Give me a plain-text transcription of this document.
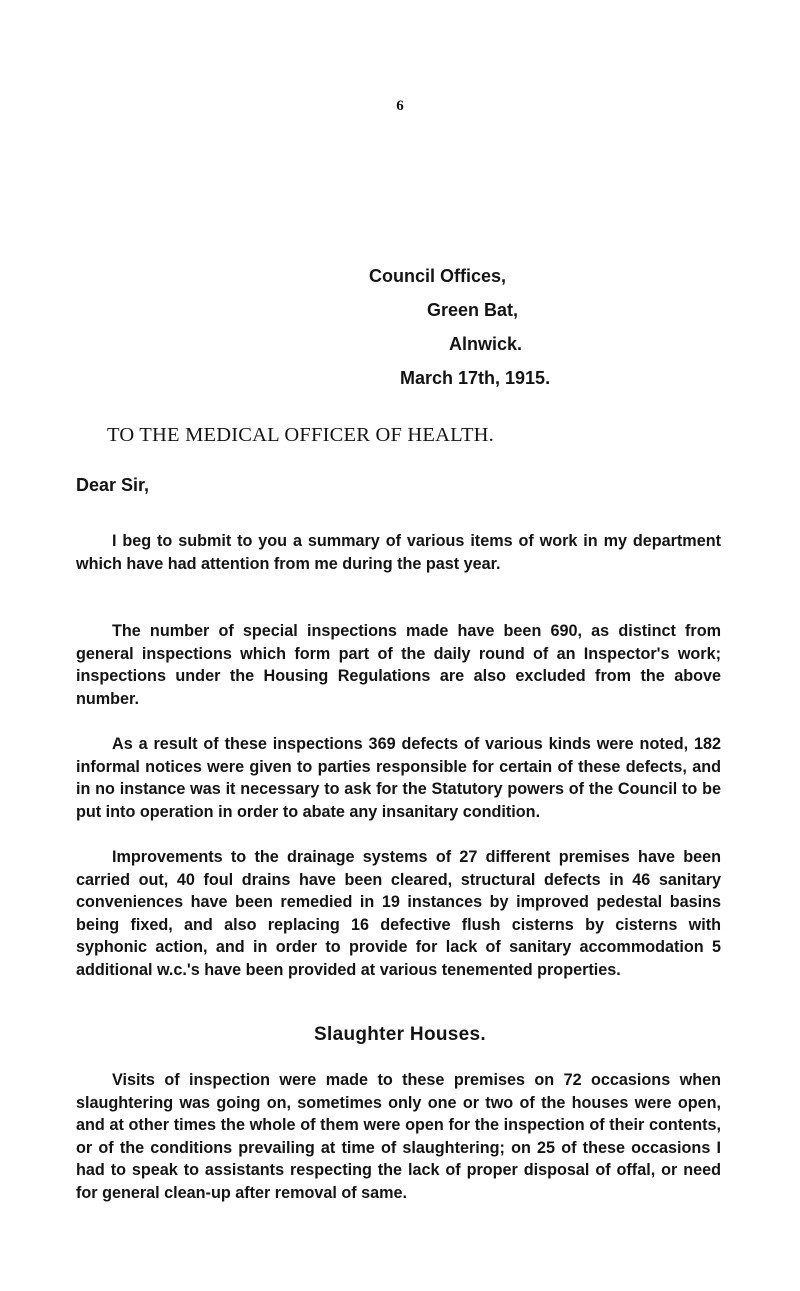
6
Council Offices,
Green Bat,
Alnwick.
March 17th, 1915.
TO THE MEDICAL OFFICER OF HEALTH.
Dear Sir,

I beg to submit to you a summary of various items of work in my department which have had attention from me during the past year.

The number of special inspections made have been 690, as distinct from general inspections which form part of the daily round of an Inspector's work; inspections under the Housing Regulations are also excluded from the above number.

As a result of these inspections 369 defects of various kinds were noted, 182 informal notices were given to parties responsible for certain of these defects, and in no instance was it necessary to ask for the Statutory powers of the Council to be put into operation in order to abate any insanitary condition.

Improvements to the drainage systems of 27 different premises have been carried out, 40 foul drains have been cleared, structural defects in 46 sanitary conveniences have been remedied in 19 instances by improved pedestal basins being fixed, and also replacing 16 defective flush cisterns by cisterns with syphonic action, and in order to provide for lack of sanitary accommodation 5 additional w.c.'s have been provided at various tenemented properties.

Slaughter Houses.

Visits of inspection were made to these premises on 72 occasions when slaughtering was going on, sometimes only one or two of the houses were open, and at other times the whole of them were open for the inspection of their contents, or of the conditions prevailing at time of slaughtering; on 25 of these occasions I had to speak to assistants respecting the lack of proper disposal of offal, or need for general clean-up after removal of same.
